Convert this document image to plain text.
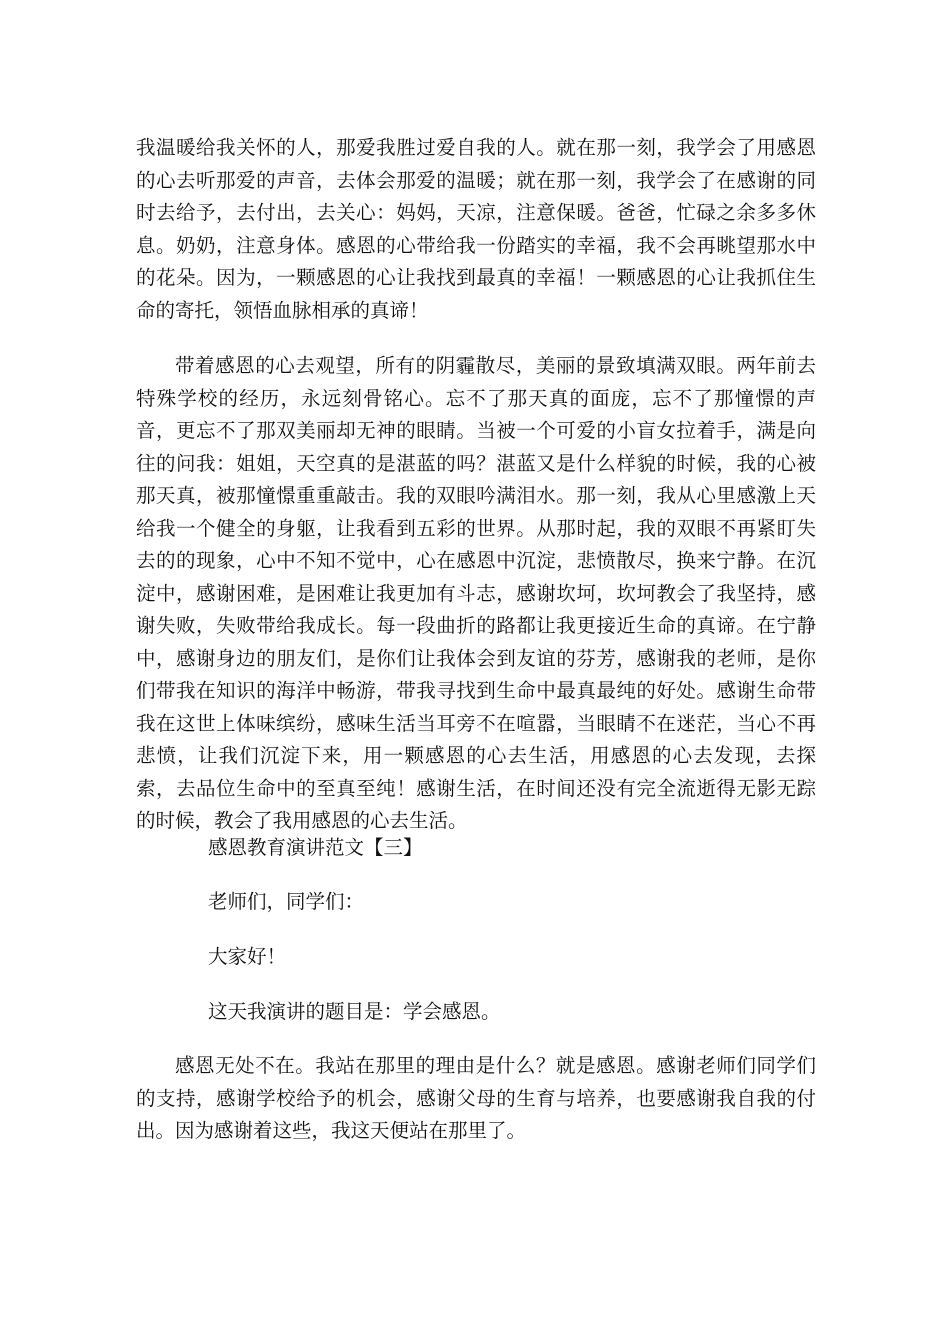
我温暖给我关怀的人，那爱我胜过爱自我的人。就在那一刻，我学会了用感恩的心去听那爱的声音，去体会那爱的温暖；就在那一刻，我学会了在感谢的同时去给予，去付出，去关心：妈妈，天凉，注意保暖。爸爸，忙碌之余多多休息。奶奶，注意身体。感恩的心带给我一份踏实的幸福，我不会再眺望那水中的花朵。因为，一颗感恩的心让我找到最真的幸福！一颗感恩的心让我抓住生命的寄托，领悟血脉相承的真谛！

带着感恩的心去观望，所有的阴霾散尽，美丽的景致填满双眼。两年前去特殊学校的经历，永远刻骨铭心。忘不了那天真的面庞，忘不了那憧憬的声音，更忘不了那双美丽却无神的眼睛。当被一个可爱的小盲女拉着手，满是向往的问我：姐姐，天空真的是湛蓝的吗？湛蓝又是什么样貌的时候，我的心被那天真，被那憧憬重重敲击。我的双眼吟满泪水。那一刻，我从心里感激上天给我一个健全的身躯，让我看到五彩的世界。从那时起，我的双眼不再紧盯失去的的现象，心中不知不觉中，心在感恩中沉淀，悲愤散尽，换来宁静。在沉淀中，感谢困难，是困难让我更加有斗志，感谢坎坷，坎坷教会了我坚持，感谢失败，失败带给我成长。每一段曲折的路都让我更接近生命的真谛。在宁静中，感谢身边的朋友们，是你们让我体会到友谊的芬芳，感谢我的老师，是你们带我在知识的海洋中畅游，带我寻找到生命中最真最纯的好处。感谢生命带我在这世上体味缤纷，感味生活当耳旁不在喧嚣，当眼睛不在迷茫，当心不再悲愤，让我们沉淀下来，用一颗感恩的心去生活，用感恩的心去发现，去探索，去品位生命中的至真至纯！感谢生活，在时间还没有完全流逝得无影无踪的时候，教会了我用感恩的心去生活。

感恩教育演讲范文【三】

老师们，同学们：

大家好！

这天我演讲的题目是：学会感恩。

感恩无处不在。我站在那里的理由是什么？就是感恩。感谢老师们同学们的支持，感谢学校给予的机会，感谢父母的生育与培养，也要感谢我自我的付出。因为感谢着这些，我这天便站在那里了。
